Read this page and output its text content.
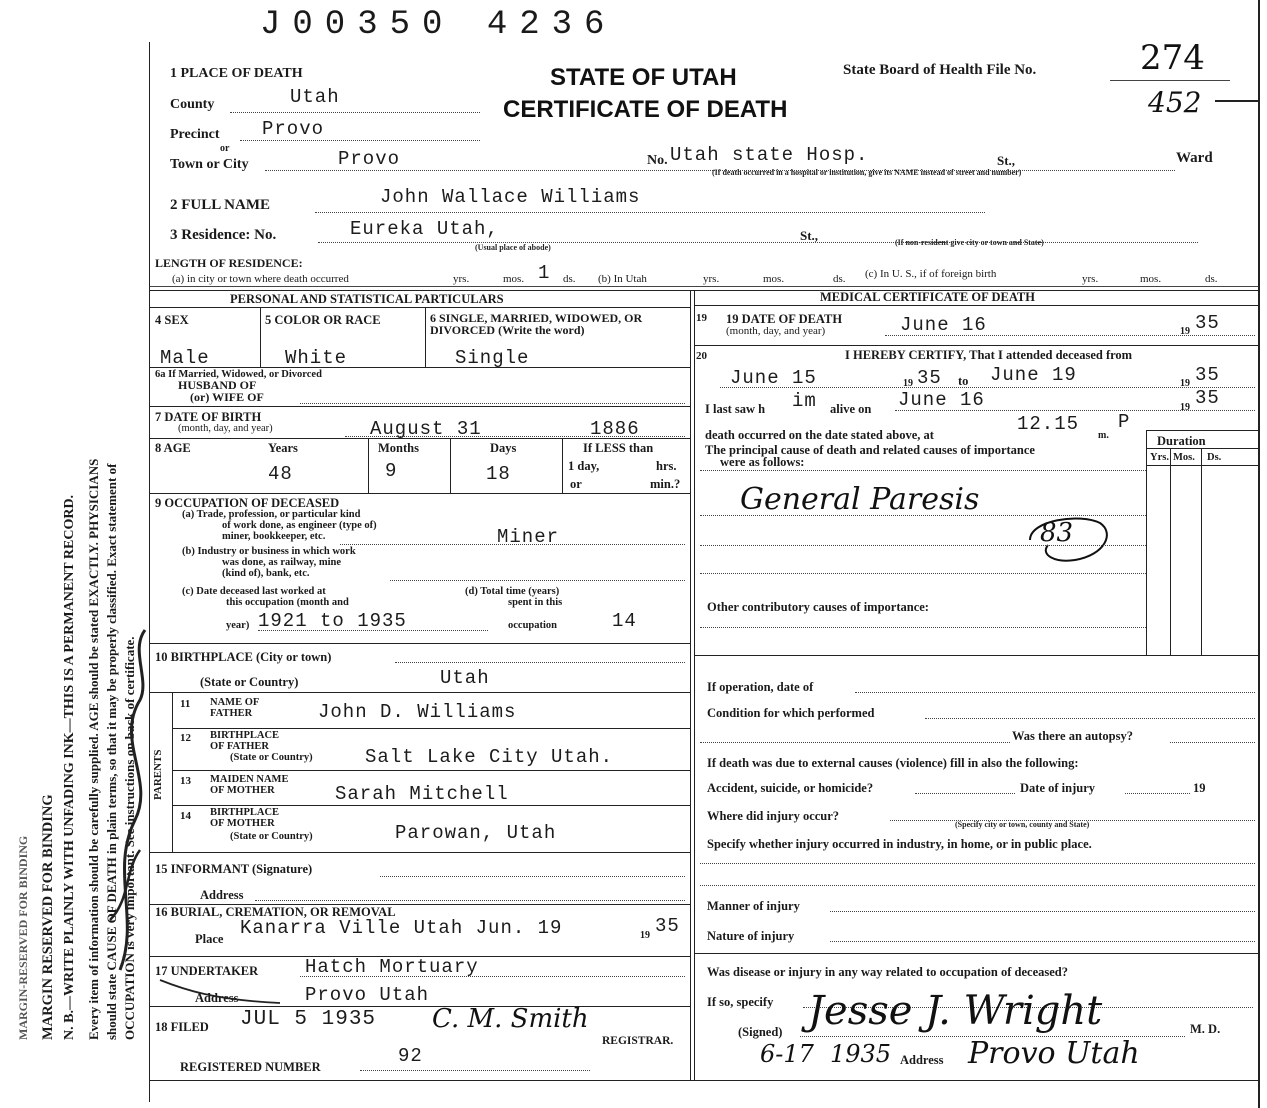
MARGIN-RESERVED FOR BINDING MARGIN RESERVED FOR BINDING N. B.—WRITE PLAINLY WITH UNFADING INK—THIS IS A PERMANENT RECORD. Every item of information should be carefully supplied. AGE should be stated EXACTLY. PHYSICIANS should state CAUSE OF DEATH in plain terms, so that it may be properly classified. Exact statement of OCCUPATION is very important. See instructions on back of certificate.
J00350 4236
STATE OF UTAH
CERTIFICATE OF DEATH
State Board of Health File No.	274
452
1 PLACE OF DEATH
County	Utah
Precinct Provo
or
Town or City	Provo	No. Utah state Hosp.	St.,	Ward
(If death occurred in a hospital or institution, give its NAME instead of street and number)
2 FULL NAME	John Wallace Williams
3 Residence: No.	Eureka Utah,	St.,
(Usual place of abode)
(If non-resident give city or town and State)
LENGTH OF RESIDENCE:
(a) in city or town where death occurred	yrs.	mos. 1 ds. (b) In Utah	yrs.	mos.	ds. (c) In U. S., if of foreign birth	yrs.	mos.	ds.
PERSONAL AND STATISTICAL PARTICULARS	MEDICAL CERTIFICATE OF DEATH
4 SEX	5 COLOR OR RACE	6 SINGLE, MARRIED, WIDOWED, OR DIVORCED (Write the word)
Male	White	Single
6a If Married, Widowed, or Divorced
HUSBAND OF
(or) WIFE OF
7 DATE OF BIRTH
(month, day, and year)	August 31	1886
8 AGE	Years	Months	Days	If LESS than
1 day,	hrs.
or	min.?
48	9	18
9 OCCUPATION OF DECEASED
(a) Trade, profession, or particular kind
of work done, as engineer (type of)
miner, bookkeeper, etc.	Miner
(b) Industry or business in which work
was done, as railway, mine
(kind of), bank, etc.
(c) Date deceased last worked at
this occupation (month and
year) 1921 to 1935
(d) Total time (years)
spent in this
occupation	14
10 BIRTHPLACE (City or town)
(State or Country)	Utah
PARENTS
11 NAME OF
FATHER	John D. Williams
12 BIRTHPLACE
OF FATHER
(State or Country)	Salt Lake City Utah.
13 MAIDEN NAME
OF MOTHER	Sarah Mitchell
14 BIRTHPLACE
OF MOTHER
(State or Country)	Parowan, Utah
15 INFORMANT (Signature)
Address
16 BURIAL, CREMATION, OR REMOVAL
Place Kanarra Ville Utah Jun. 19	19 35
17 UNDERTAKER Hatch Mortuary
Address	Provo Utah
18 FILED JUL 5 1935 C. M. Smith
REGISTRAR.
REGISTERED NUMBER	92
19 19 DATE OF DEATH
(month, day, and year)	June 16	19 35
20	I HEREBY CERTIFY, That I attended deceased from
June 15	19 35 to June 19	19 35
I last saw h im alive on June 16	19 35
death occurred on the date stated above, at	12.15
m.
P
The principal cause of death and related causes of importance
were as follows:
Duration
Yrs. Mos. Ds.
General Paresis
83
Other contributory causes of importance:
If operation, date of
Condition for which performed
Was there an autopsy?
If death was due to external causes (violence) fill in also the following:
Accident, suicide, or homicide?	Date of injury	19
Where did injury occur?
(Specify city or town, county and State)
Specify whether injury occurred in industry, in home, or in public place.
Manner of injury
Nature of injury
Was disease or injury in any way related to occupation of deceased?
If so, specify
(Signed) Jesse J. Wright	M. D.
6-17 1935 Address Provo Utah
